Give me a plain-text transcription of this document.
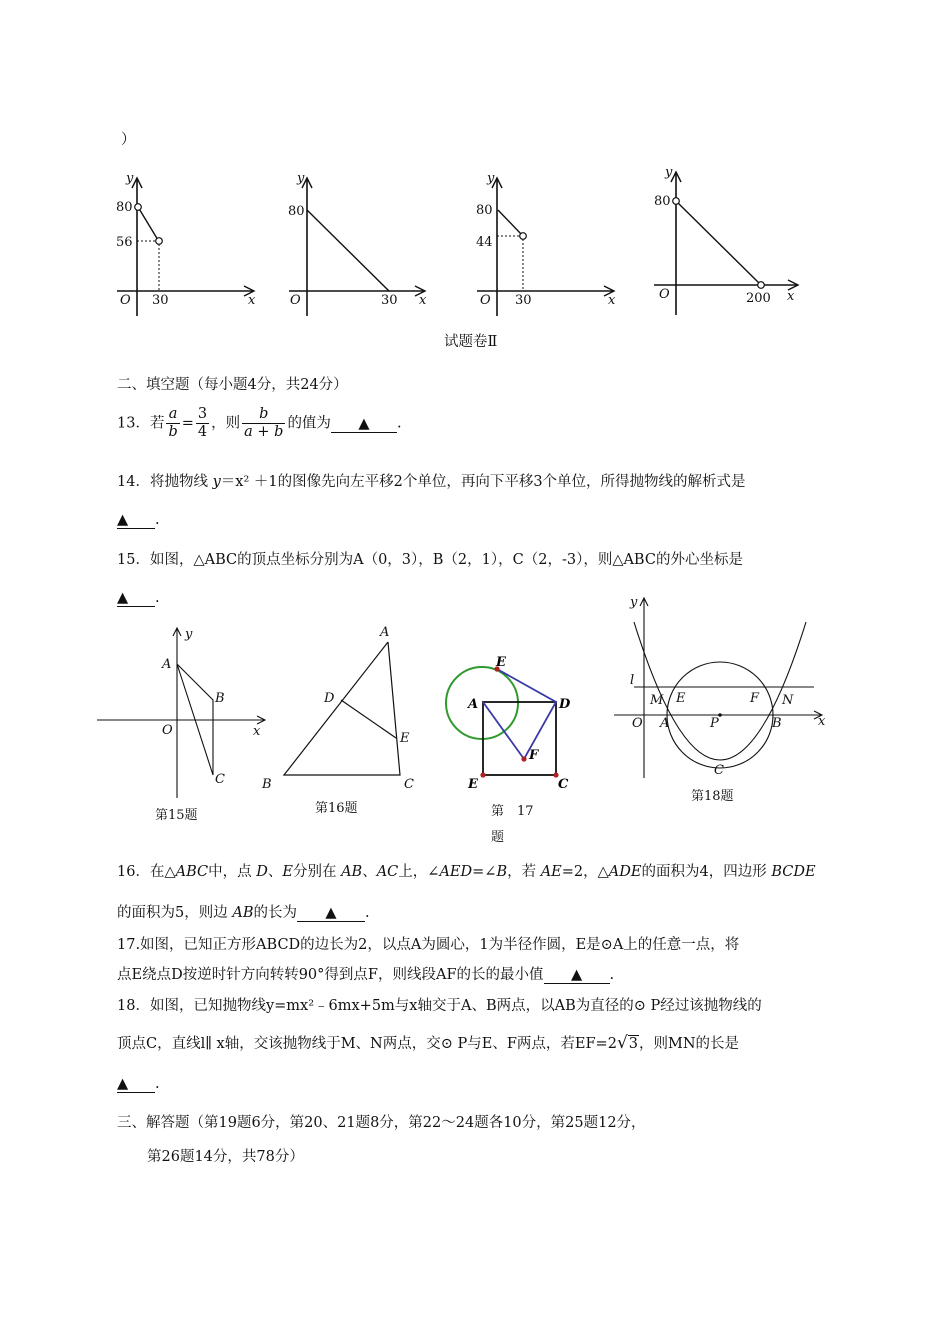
）
y
x
O
80
56
30
y
x
O
80
30
y
x
O
80
44
30
y
x
O
80
200
试题卷Ⅱ
二、填空题（每小题4分，共24分）
13．若 $\frac{a}{b} = \frac{3}{4}$ ，则 $\frac{b}{a + b}$ 的值为 ▲ .
14．将抛物线 y＝x² ＋1的图像先向左平移2个单位，再向下平移3个单位，所得抛物线的解析式是
▲ .
15．如图，△ABC的顶点坐标分别为A（0，3），B（2，1），C（2，-3），则△ABC的外心坐标是
▲ .
y
x
A
B
C
O
第15题
A
B	C
D
E
第16题
E
A	D
F
E	C
第　17
题
y
x
l
M E	F N
A	P	B
O
C
第18题
16．在△ABC中，点 D、E分别在 AB、AC上，∠AED=∠B，若 AE=2，△ADE的面积为4，四边形 BCDE
的面积为5，则边 AB的长为 ▲ .
17.如图，已知正方形ABCD的边长为2，以点A为圆心，1为半径作圆，E是⊙A上的任意一点，将
点E绕点D按逆时针方向转转90°得到点F，则线段AF的长的最小值 ▲ .
18．如图，已知抛物线y=mx²﹣6mx+5m与x轴交于A、B两点，以AB为直径的⊙ P经过该抛物线的
顶点C，直线l∥ x轴，交该抛物线于M、N两点，交⊙ P与E、F两点，若EF=2√3，则MN的长是
▲ .
三、解答题（第19题6分，第20、21题8分，第22～24题各10分，第25题12分，
第26题14分，共78分）
